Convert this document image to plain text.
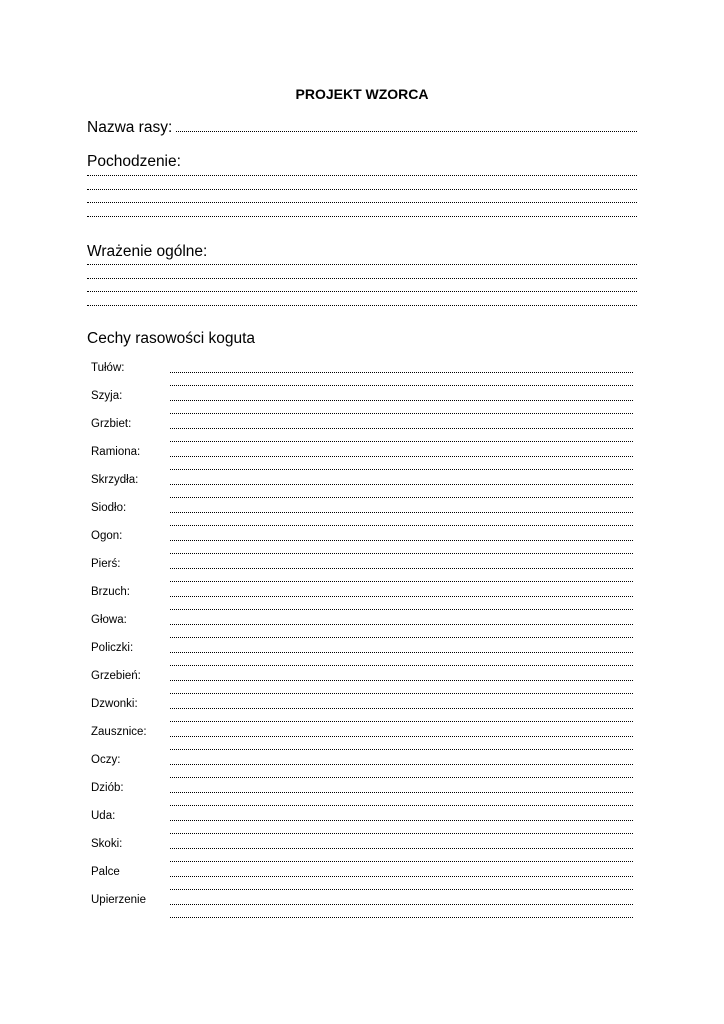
PROJEKT WZORCA
Nazwa rasy:
Pochodzenie:
Wrażenie ogólne:
Cechy rasowości koguta
Tułów:
Szyja:
Grzbiet:
Ramiona:
Skrzydła:
Siodło:
Ogon:
Pierś:
Brzuch:
Głowa:
Policzki:
Grzebień:
Dzwonki:
Zausznice:
Oczy:
Dziób:
Uda:
Skoki:
Palce
Upierzenie
